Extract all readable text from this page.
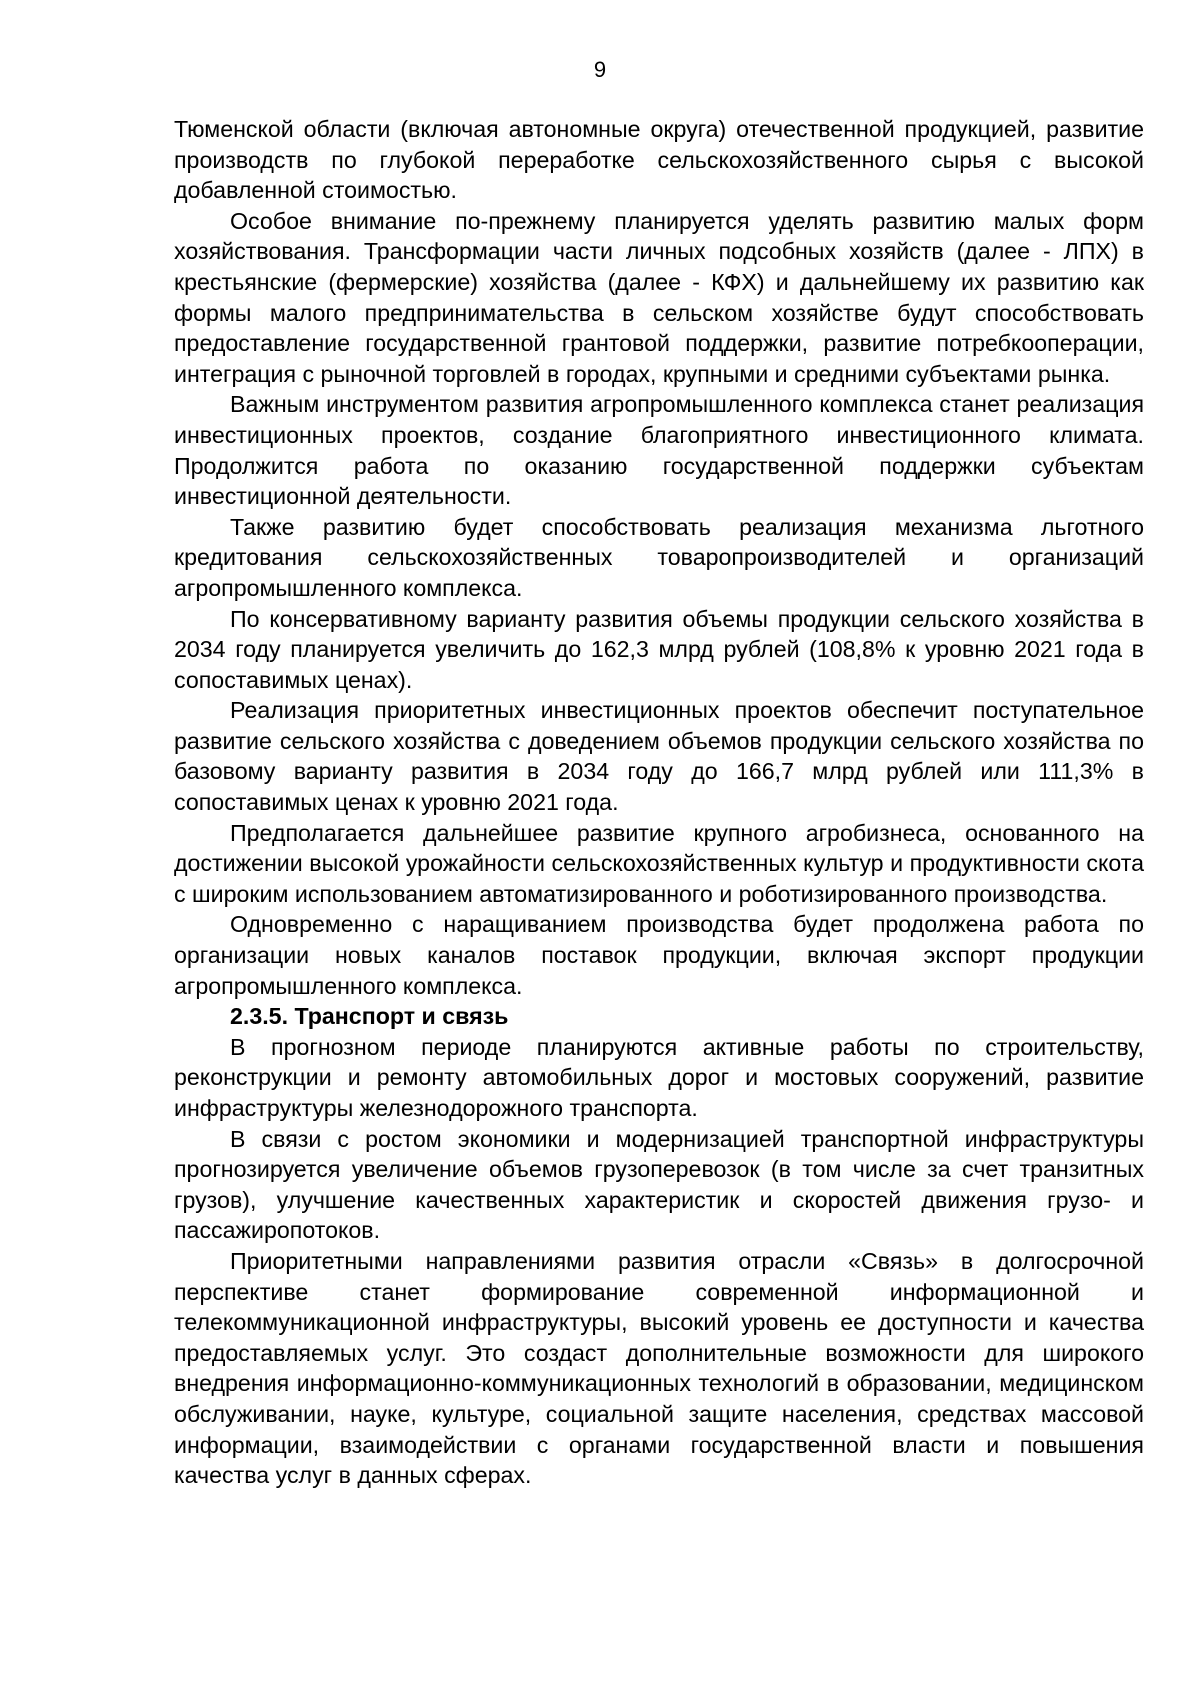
9

Тюменской области (включая автономные округа) отечественной продукцией, развитие производств по глубокой переработке сельскохозяйственного сырья с высокой добавленной стоимостью.

Особое внимание по-прежнему планируется уделять развитию малых форм хозяйствования. Трансформации части личных подсобных хозяйств (далее - ЛПХ) в крестьянские (фермерские) хозяйства (далее - КФХ) и дальнейшему их развитию как формы малого предпринимательства в сельском хозяйстве будут способствовать предоставление государственной грантовой поддержки, развитие потребкооперации, интеграция с рыночной торговлей в городах, крупными и средними субъектами рынка.

Важным инструментом развития агропромышленного комплекса станет реализация инвестиционных проектов, создание благоприятного инвестиционного климата. Продолжится работа по оказанию государственной поддержки субъектам инвестиционной деятельности.

Также развитию будет способствовать реализация механизма льготного кредитования сельскохозяйственных товаропроизводителей и организаций агропромышленного комплекса.

По консервативному варианту развития объемы продукции сельского хозяйства в 2034 году планируется увеличить до 162,3 млрд рублей (108,8% к уровню 2021 года в сопоставимых ценах).

Реализация приоритетных инвестиционных проектов обеспечит поступательное развитие сельского хозяйства с доведением объемов продукции сельского хозяйства по базовому варианту развития в 2034 году до 166,7 млрд рублей или 111,3% в сопоставимых ценах к уровню 2021 года.

Предполагается дальнейшее развитие крупного агробизнеса, основанного на достижении высокой урожайности сельскохозяйственных культур и продуктивности скота с широким использованием автоматизированного и роботизированного производства.

Одновременно с наращиванием производства будет продолжена работа по организации новых каналов поставок продукции, включая экспорт продукции агропромышленного комплекса.

2.3.5. Транспорт и связь

В прогнозном периоде планируются активные работы по строительству, реконструкции и ремонту автомобильных дорог и мостовых сооружений, развитие инфраструктуры железнодорожного транспорта.

В связи с ростом экономики и модернизацией транспортной инфраструктуры прогнозируется увеличение объемов грузоперевозок (в том числе за счет транзитных грузов), улучшение качественных характеристик и скоростей движения грузо- и пассажиропотоков.

Приоритетными направлениями развития отрасли «Связь» в долгосрочной перспективе станет формирование современной информационной и телекоммуникационной инфраструктуры, высокий уровень ее доступности и качества предоставляемых услуг. Это создаст дополнительные возможности для широкого внедрения информационно-коммуникационных технологий в образовании, медицинском обслуживании, науке, культуре, социальной защите населения, средствах массовой информации, взаимодействии с органами государственной власти и повышения качества услуг в данных сферах.
